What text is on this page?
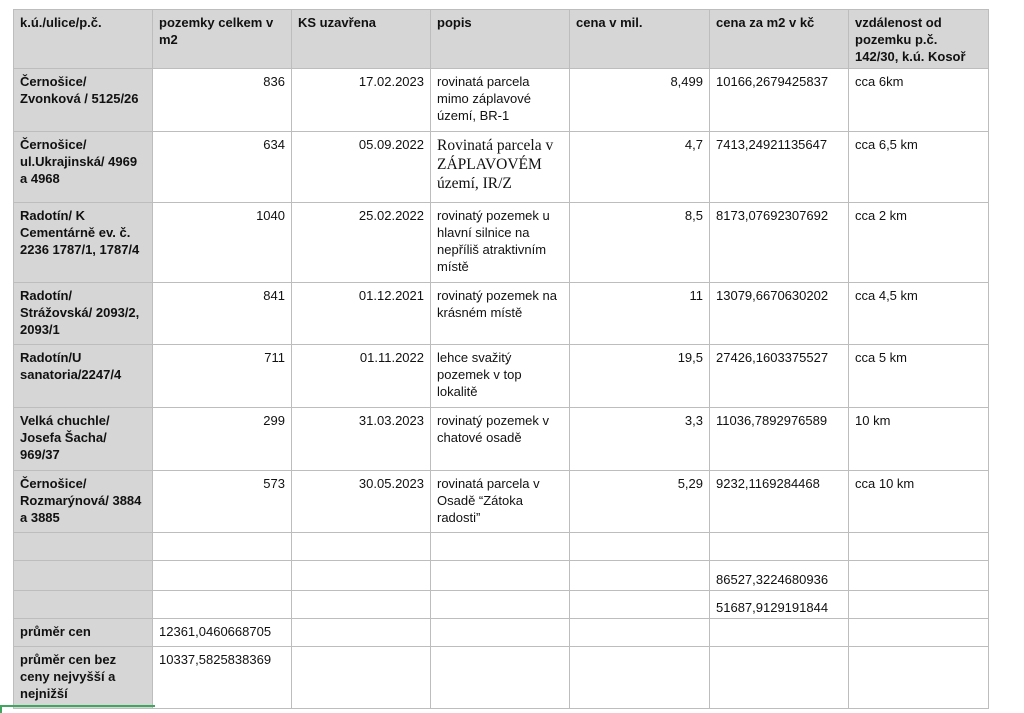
k.ú./ulice/p.č.	pozemky celkem v m2	KS uzavřena	popis	cena v mil.	cena za m2 v kč	vzdálenost od pozemku p.č. 142/30, k.ú. Kosoř
Černošice/ Zvonková / 5125/26	836	17.02.2023	rovinatá parcela mimo záplavové území, BR-1	8,499	10166,2679425837	cca 6km
Černošice/ ul.Ukrajinská/ 4969 a 4968	634	05.09.2022	Rovinatá parcela v ZÁPLAVOVÉM území, IR/Z	4,7	7413,24921135647	cca 6,5 km
Radotín/ K Cementárně ev. č. 2236 1787/1, 1787/4	1040	25.02.2022	rovinatý pozemek u hlavní silnice na nepříliš atraktivním místě	8,5	8173,07692307692	cca 2 km
Radotín/ Strážovská/ 2093/2, 2093/1	841	01.12.2021	rovinatý pozemek na krásném místě	11	13079,6670630202	cca 4,5 km
Radotín/U sanatoria/2247/4	711	01.11.2022	lehce svažitý pozemek v top lokalitě	19,5	27426,1603375527	cca 5 km
Velká chuchle/ Josefa Šacha/ 969/37	299	31.03.2023	rovinatý pozemek v chatové osadě	3,3	11036,7892976589	10 km
Černošice/ Rozmarýnová/ 3884 a 3885	573	30.05.2023	rovinatá parcela v Osadě “Zátoka radosti”	5,29	9232,1169284468	cca 10 km

					86527,3224680936	
					51687,9129191844	
průměr cen	12361,0460668705					
průměr cen bez ceny nejvyšší a nejnižší	10337,5825838369					
